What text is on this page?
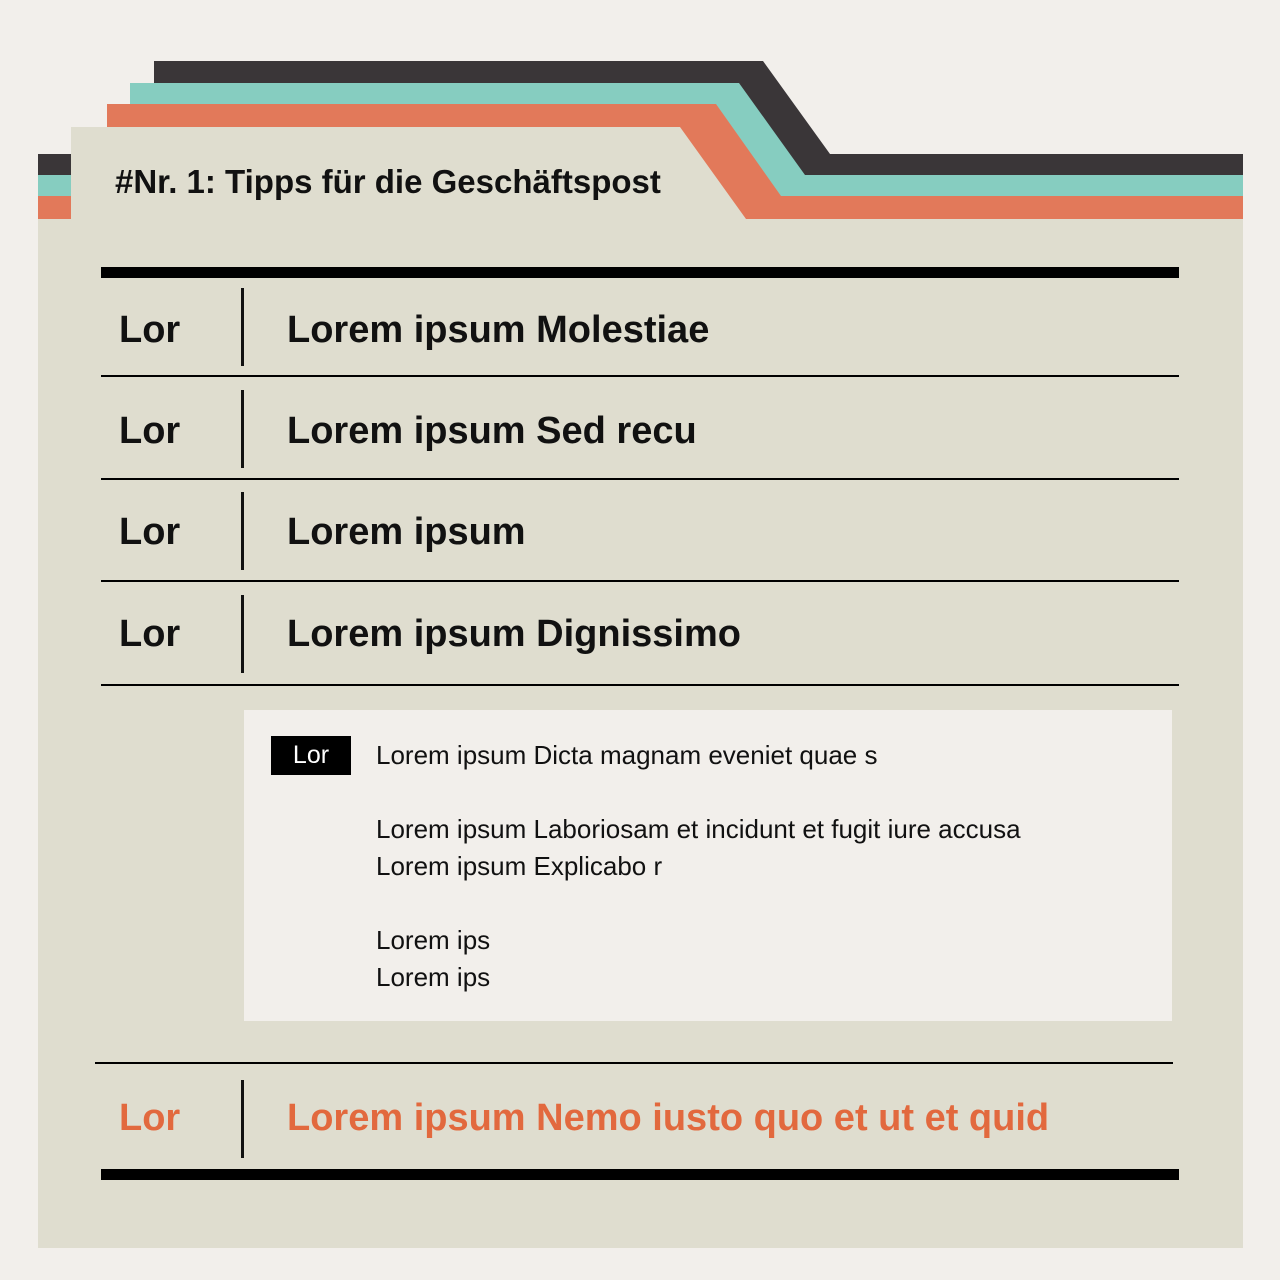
#Nr. 1: Tipps für die Geschäftspost
Lor	Lorem ipsum Molestiae
Lor	Lorem ipsum Sed recu
Lor	Lorem ipsum
Lor	Lorem ipsum Dignissimo
Lor	Lorem ipsum Dicta magnam eveniet quae s
Lorem ipsum Laboriosam et incidunt et fugit iure accusa
Lorem ipsum Explicabo r
Lorem ips
Lorem ips
Lor	Lorem ipsum Nemo iusto quo et ut et quid
